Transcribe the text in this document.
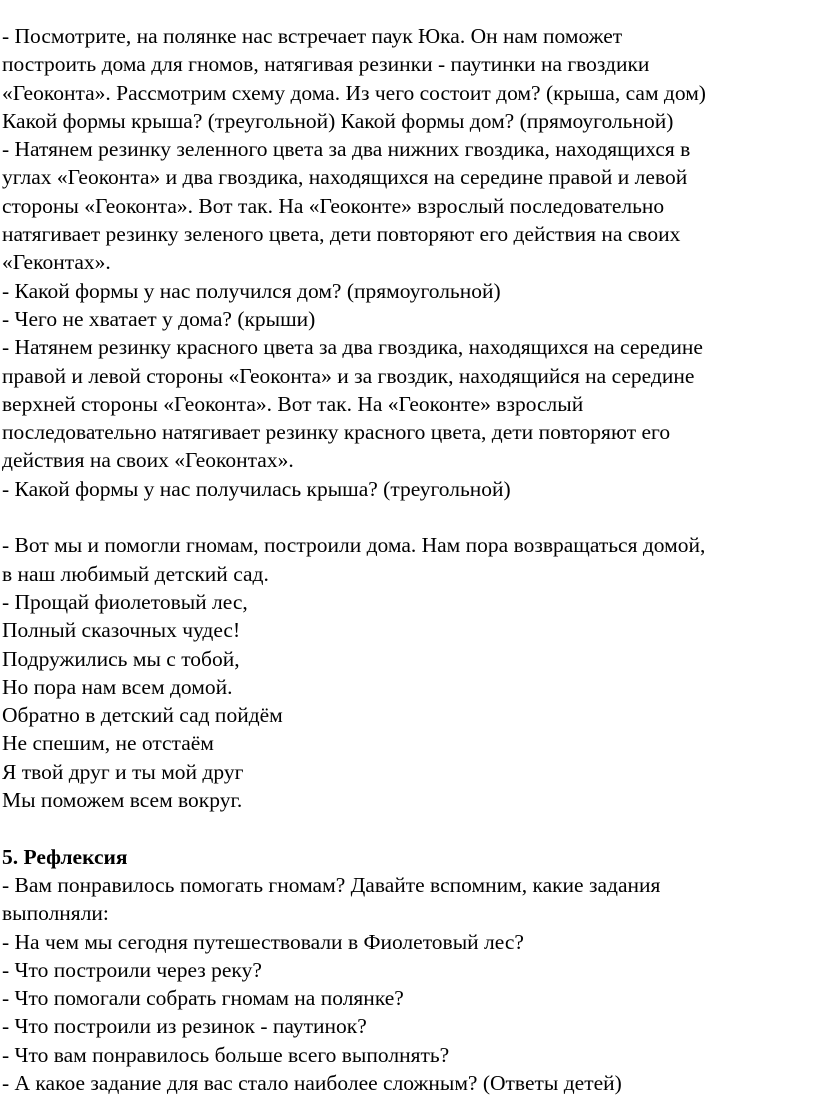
- Посмотрите, на полянке нас встречает паук Юка. Он нам поможет
построить дома для гномов, натягивая резинки - паутинки на гвоздики
«Геоконта». Рассмотрим схему дома. Из чего состоит дом? (крыша, сам дом)
Какой формы крыша? (треугольной) Какой формы дом? (прямоугольной)
- Натянем резинку зеленного цвета за два нижних гвоздика, находящихся в
углах «Геоконта» и два гвоздика, находящихся на середине правой и левой
стороны «Геоконта». Вот так. На «Геоконте» взрослый последовательно
натягивает резинку зеленого цвета, дети повторяют его действия на своих
«Геконтах».
- Какой формы у нас получился дом? (прямоугольной)
- Чего не хватает у дома? (крыши)
- Натянем резинку красного цвета за два гвоздика, находящихся на середине
правой и левой стороны «Геоконта» и за гвоздик, находящийся на середине
верхней стороны «Геоконта». Вот так. На «Геоконте» взрослый
последовательно натягивает резинку красного цвета, дети повторяют его
действия на своих «Геоконтах».
- Какой формы у нас получилась крыша? (треугольной)
- Вот мы и помогли гномам, построили дома. Нам пора возвращаться домой,
в наш любимый детский сад.
- Прощай фиолетовый лес,
Полный сказочных чудес!
Подружились мы с тобой,
Но пора нам всем домой.
Обратно в детский сад пойдём
Не спешим, не отстаём
Я твой друг и ты мой друг
Мы поможем всем вокруг.
5. Рефлексия
- Вам понравилось помогать гномам? Давайте вспомним, какие задания
выполняли:
- На чем мы сегодня путешествовали в Фиолетовый лес?
- Что построили через реку?
- Что помогали собрать гномам на полянке?
- Что построили из резинок - паутинок?
- Что вам понравилось больше всего выполнять?
- А какое задание для вас стало наиболее сложным? (Ответы детей)
